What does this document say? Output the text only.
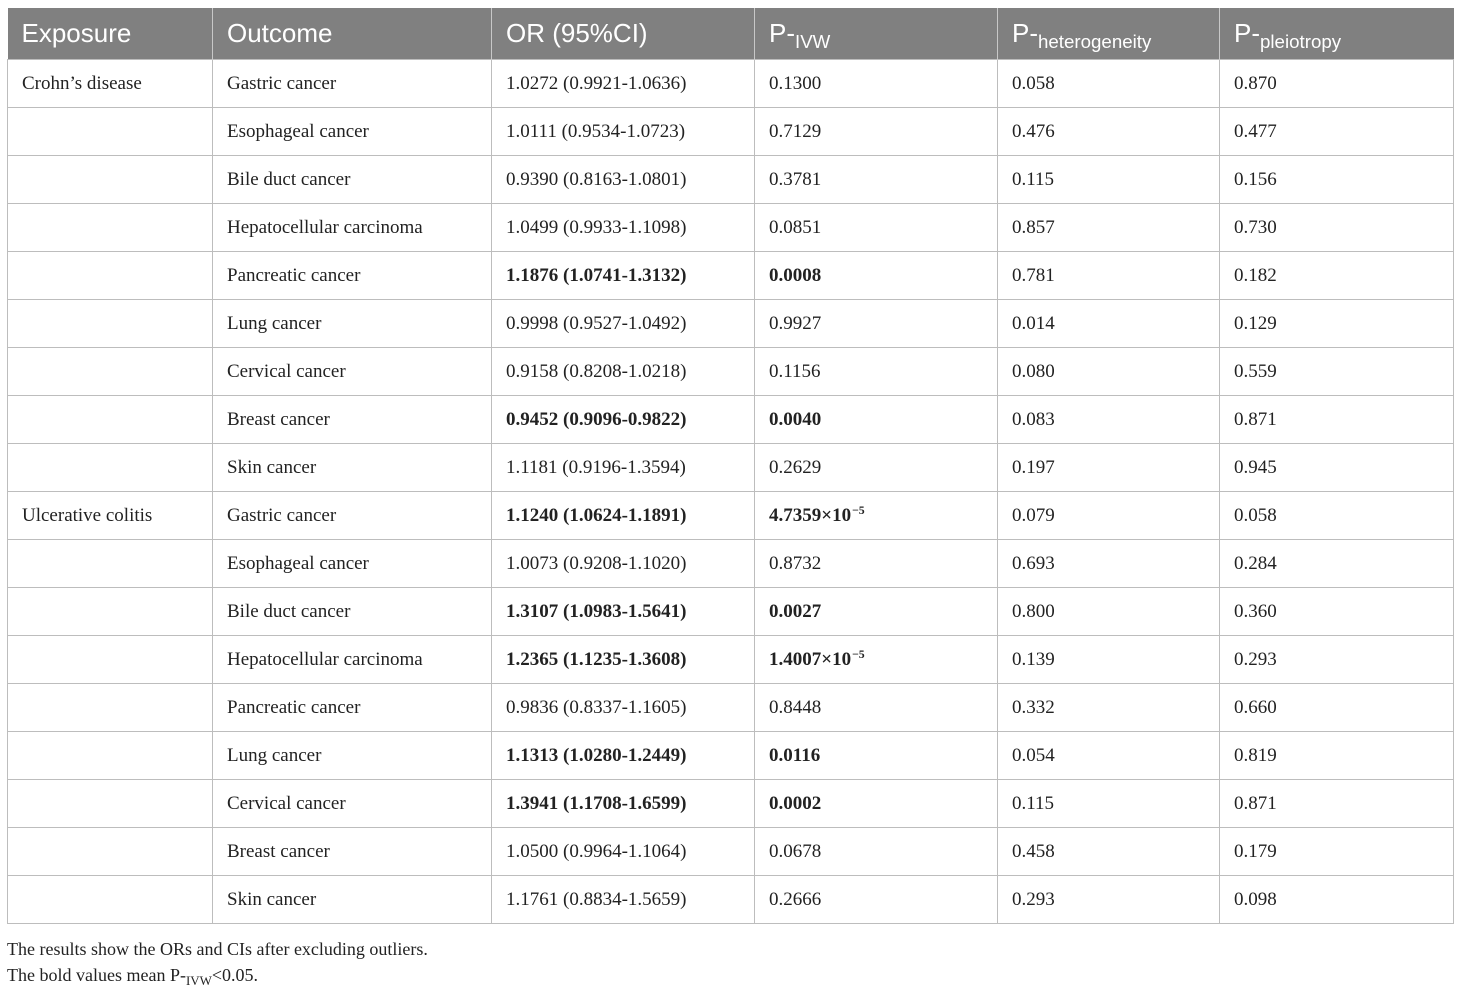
Exposure	Outcome	OR (95%CI)	$P-_{IVW}$	$P-_{heterogeneity}$	$P-_{pleiotropy}$
Crohn’s disease	Gastric cancer	1.0272 (0.9921-1.0636)	0.1300	0.058	0.870
	Esophageal cancer	1.0111 (0.9534-1.0723)	0.7129	0.476	0.477
	Bile duct cancer	0.9390 (0.8163-1.0801)	0.3781	0.115	0.156
	Hepatocellular carcinoma	1.0499 (0.9933-1.1098)	0.0851	0.857	0.730
	Pancreatic cancer	1.1876 (1.0741-1.3132)	0.0008	0.781	0.182
	Lung cancer	0.9998 (0.9527-1.0492)	0.9927	0.014	0.129
	Cervical cancer	0.9158 (0.8208-1.0218)	0.1156	0.080	0.559
	Breast cancer	0.9452 (0.9096-0.9822)	0.0040	0.083	0.871
	Skin cancer	1.1181 (0.9196-1.3594)	0.2629	0.197	0.945
Ulcerative colitis	Gastric cancer	1.1240 (1.0624-1.1891)	$4.7359\times 10^{-5}$	0.079	0.058
	Esophageal cancer	1.0073 (0.9208-1.1020)	0.8732	0.693	0.284
	Bile duct cancer	1.3107 (1.0983-1.5641)	0.0027	0.800	0.360
	Hepatocellular carcinoma	1.2365 (1.1235-1.3608)	$1.4007\times 10^{-5}$	0.139	0.293
	Pancreatic cancer	0.9836 (0.8337-1.1605)	0.8448	0.332	0.660
	Lung cancer	1.1313 (1.0280-1.2449)	0.0116	0.054	0.819
	Cervical cancer	1.3941 (1.1708-1.6599)	0.0002	0.115	0.871
	Breast cancer	1.0500 (0.9964-1.1064)	0.0678	0.458	0.179
	Skin cancer	1.1761 (0.8834-1.5659)	0.2666	0.293	0.098
The results show the ORs and CIs after excluding outliers.
The bold values mean $P-_{IVW}<0.05$.
